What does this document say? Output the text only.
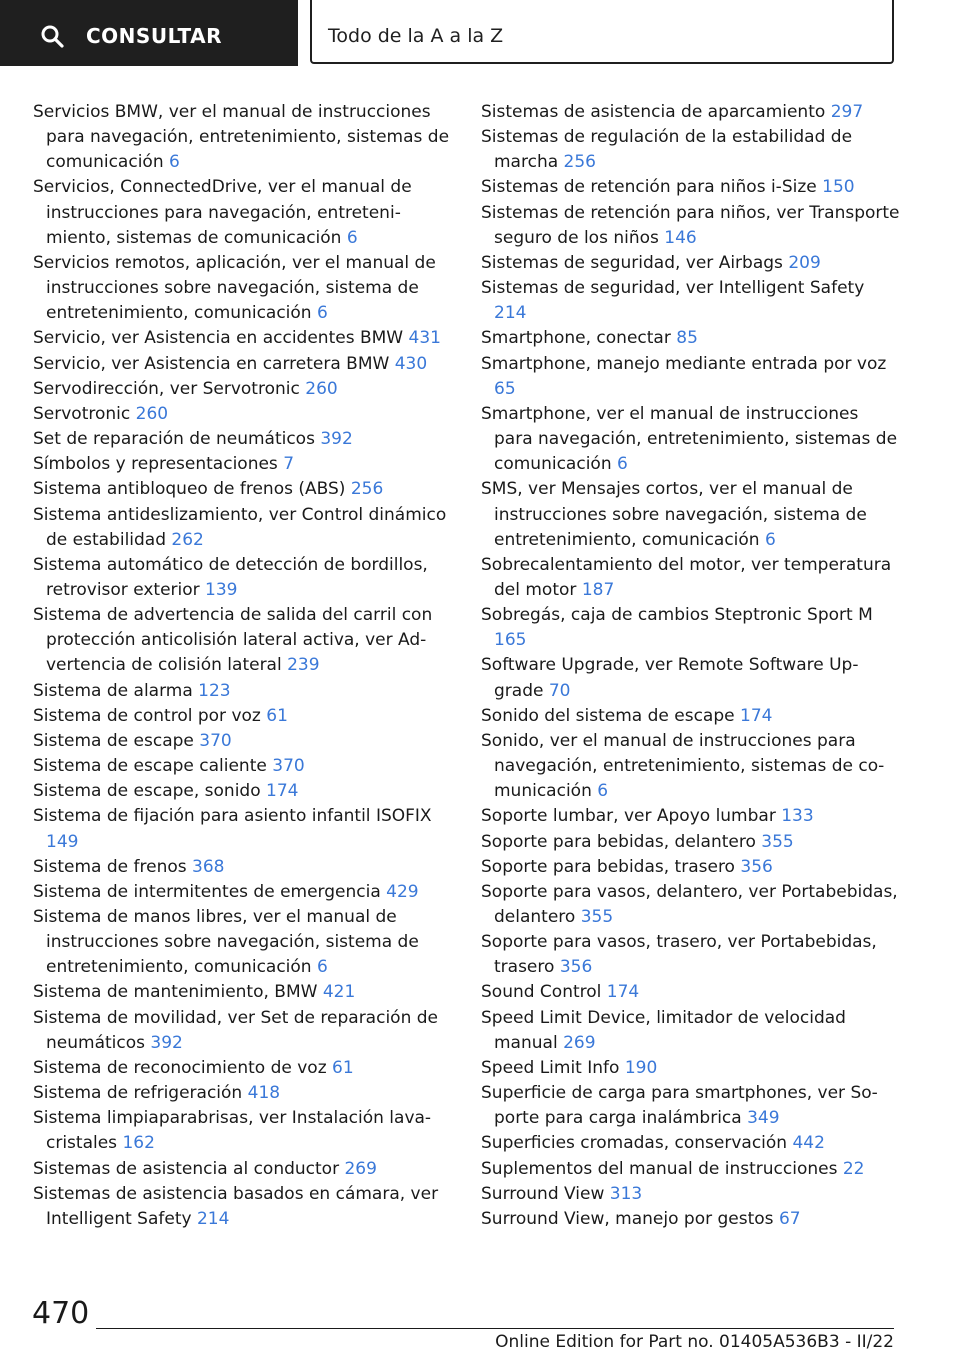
CONSULTAR	Todo de la A a la Z
Servicios BMW, ver el manual de instrucciones para navegación, entretenimiento, sistemas de comunicación 6
Servicios, ConnectedDrive, ver el manual de instrucciones para navegación, entretenimiento, sistemas de comunicación 6
Servicios remotos, aplicación, ver el manual de instrucciones sobre navegación, sistema de entretenimiento, comunicación 6
Servicio, ver Asistencia en accidentes BMW 431
Servicio, ver Asistencia en carretera BMW 430
Servodirección, ver Servotronic 260
Servotronic 260
Set de reparación de neumáticos 392
Símbolos y representaciones 7
Sistema antibloqueo de frenos (ABS) 256
Sistema antideslizamiento, ver Control dinámico de estabilidad 262
Sistema automático de detección de bordillos, retrovisor exterior 139
Sistema de advertencia de salida del carril con protección anticolisión lateral activa, ver Advertencia de colisión lateral 239
Sistema de alarma 123
Sistema de control por voz 61
Sistema de escape 370
Sistema de escape caliente 370
Sistema de escape, sonido 174
Sistema de fijación para asiento infantil ISOFIX 149
Sistema de frenos 368
Sistema de intermitentes de emergencia 429
Sistema de manos libres, ver el manual de instrucciones sobre navegación, sistema de entretenimiento, comunicación 6
Sistema de mantenimiento, BMW 421
Sistema de movilidad, ver Set de reparación de neumáticos 392
Sistema de reconocimiento de voz 61
Sistema de refrigeración 418
Sistema limpiaparabrisas, ver Instalación lavacristales 162
Sistemas de asistencia al conductor 269
Sistemas de asistencia basados en cámara, ver Intelligent Safety 214
Sistemas de asistencia de aparcamiento 297
Sistemas de regulación de la estabilidad de marcha 256
Sistemas de retención para niños i-Size 150
Sistemas de retención para niños, ver Transporte seguro de los niños 146
Sistemas de seguridad, ver Airbags 209
Sistemas de seguridad, ver Intelligent Safety 214
Smartphone, conectar 85
Smartphone, manejo mediante entrada por voz 65
Smartphone, ver el manual de instrucciones para navegación, entretenimiento, sistemas de comunicación 6
SMS, ver Mensajes cortos, ver el manual de instrucciones sobre navegación, sistema de entretenimiento, comunicación 6
Sobrecalentamiento del motor, ver temperatura del motor 187
Sobregás, caja de cambios Steptronic Sport M 165
Software Upgrade, ver Remote Software Upgrade 70
Sonido del sistema de escape 174
Sonido, ver el manual de instrucciones para navegación, entretenimiento, sistemas de comunicación 6
Soporte lumbar, ver Apoyo lumbar 133
Soporte para bebidas, delantero 355
Soporte para bebidas, trasero 356
Soporte para vasos, delantero, ver Portabebidas, delantero 355
Soporte para vasos, trasero, ver Portabebidas, trasero 356
Sound Control 174
Speed Limit Device, limitador de velocidad manual 269
Speed Limit Info 190
Superficie de carga para smartphones, ver Soporte para carga inalámbrica 349
Superficies cromadas, conservación 442
Suplementos del manual de instrucciones 22
Surround View 313
Surround View, manejo por gestos 67
470
Online Edition for Part no. 01405A536B3 - II/22
